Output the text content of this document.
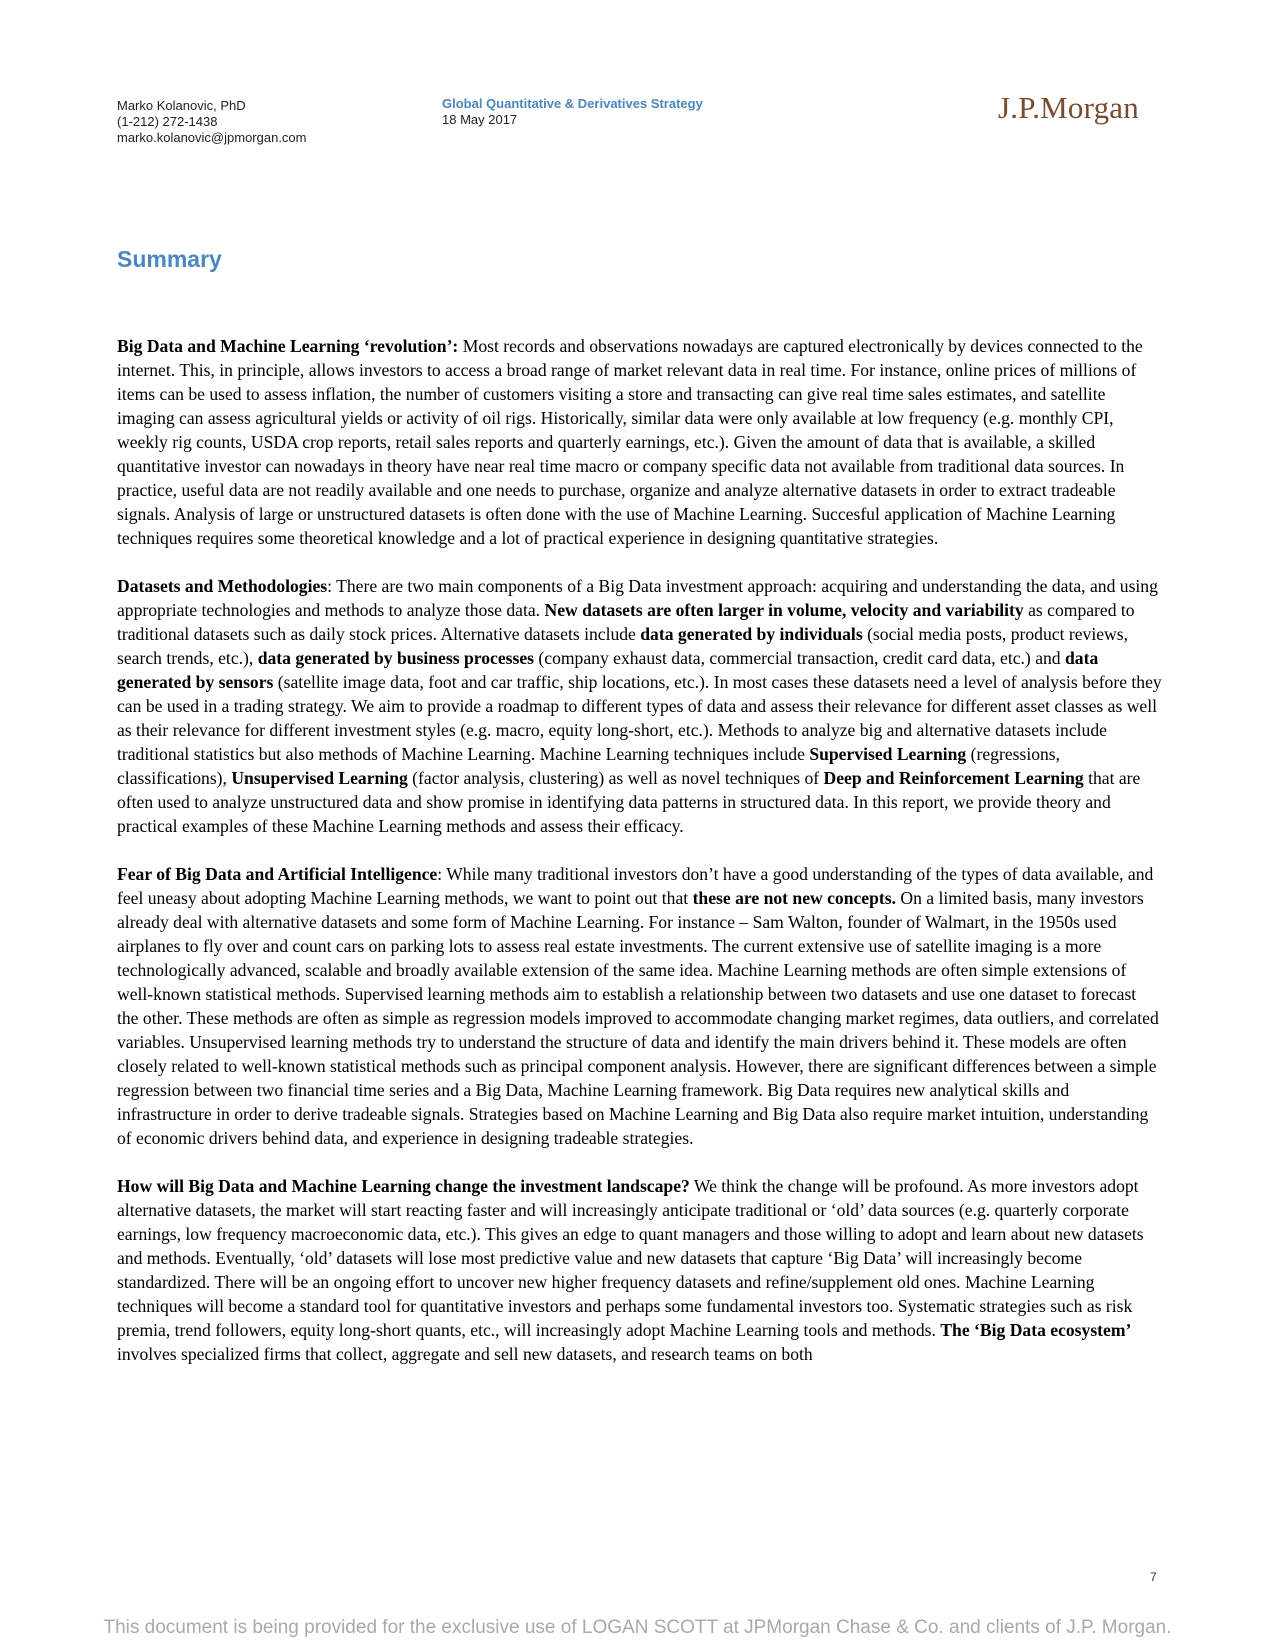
Marko Kolanovic, PhD
(1-212) 272-1438
marko.kolanovic@jpmorgan.com
Global Quantitative & Derivatives Strategy
18 May 2017	J.P.Morgan
Summary

Big Data and Machine Learning ‘revolution’: Most records and observations nowadays are captured electronically by devices connected to the internet. This, in principle, allows investors to access a broad range of market relevant data in real time. For instance, online prices of millions of items can be used to assess inflation, the number of customers visiting a store and transacting can give real time sales estimates, and satellite imaging can assess agricultural yields or activity of oil rigs. Historically, similar data were only available at low frequency (e.g. monthly CPI, weekly rig counts, USDA crop reports, retail sales reports and quarterly earnings, etc.). Given the amount of data that is available, a skilled quantitative investor can nowadays in theory have near real time macro or company specific data not available from traditional data sources. In practice, useful data are not readily available and one needs to purchase, organize and analyze alternative datasets in order to extract tradeable signals. Analysis of large or unstructured datasets is often done with the use of Machine Learning. Succesful application of Machine Learning techniques requires some theoretical knowledge and a lot of practical experience in designing quantitative strategies.

Datasets and Methodologies: There are two main components of a Big Data investment approach: acquiring and understanding the data, and using appropriate technologies and methods to analyze those data. New datasets are often larger in volume, velocity and variability as compared to traditional datasets such as daily stock prices. Alternative datasets include data generated by individuals (social media posts, product reviews, search trends, etc.), data generated by business processes (company exhaust data, commercial transaction, credit card data, etc.) and data generated by sensors (satellite image data, foot and car traffic, ship locations, etc.). In most cases these datasets need a level of analysis before they can be used in a trading strategy. We aim to provide a roadmap to different types of data and assess their relevance for different asset classes as well as their relevance for different investment styles (e.g. macro, equity long-short, etc.). Methods to analyze big and alternative datasets include traditional statistics but also methods of Machine Learning. Machine Learning techniques include Supervised Learning (regressions, classifications), Unsupervised Learning (factor analysis, clustering) as well as novel techniques of Deep and Reinforcement Learning that are often used to analyze unstructured data and show promise in identifying data patterns in structured data. In this report, we provide theory and practical examples of these Machine Learning methods and assess their efficacy.

Fear of Big Data and Artificial Intelligence: While many traditional investors don’t have a good understanding of the types of data available, and feel uneasy about adopting Machine Learning methods, we want to point out that these are not new concepts. On a limited basis, many investors already deal with alternative datasets and some form of Machine Learning. For instance – Sam Walton, founder of Walmart, in the 1950s used airplanes to fly over and count cars on parking lots to assess real estate investments. The current extensive use of satellite imaging is a more technologically advanced, scalable and broadly available extension of the same idea. Machine Learning methods are often simple extensions of well-known statistical methods. Supervised learning methods aim to establish a relationship between two datasets and use one dataset to forecast the other. These methods are often as simple as regression models improved to accommodate changing market regimes, data outliers, and correlated variables. Unsupervised learning methods try to understand the structure of data and identify the main drivers behind it. These models are often closely related to well-known statistical methods such as principal component analysis. However, there are significant differences between a simple regression between two financial time series and a Big Data, Machine Learning framework. Big Data requires new analytical skills and infrastructure in order to derive tradeable signals. Strategies based on Machine Learning and Big Data also require market intuition, understanding of economic drivers behind data, and experience in designing tradeable strategies.

How will Big Data and Machine Learning change the investment landscape? We think the change will be profound. As more investors adopt alternative datasets, the market will start reacting faster and will increasingly anticipate traditional or ‘old’ data sources (e.g. quarterly corporate earnings, low frequency macroeconomic data, etc.). This gives an edge to quant managers and those willing to adopt and learn about new datasets and methods. Eventually, ‘old’ datasets will lose most predictive value and new datasets that capture ‘Big Data’ will increasingly become standardized. There will be an ongoing effort to uncover new higher frequency datasets and refine/supplement old ones. Machine Learning techniques will become a standard tool for quantitative investors and perhaps some fundamental investors too. Systematic strategies such as risk premia, trend followers, equity long-short quants, etc., will increasingly adopt Machine Learning tools and methods. The ‘Big Data ecosystem’ involves specialized firms that collect, aggregate and sell new datasets, and research teams on both

7
This document is being provided for the exclusive use of LOGAN SCOTT at JPMorgan Chase & Co. and clients of J.P. Morgan.
